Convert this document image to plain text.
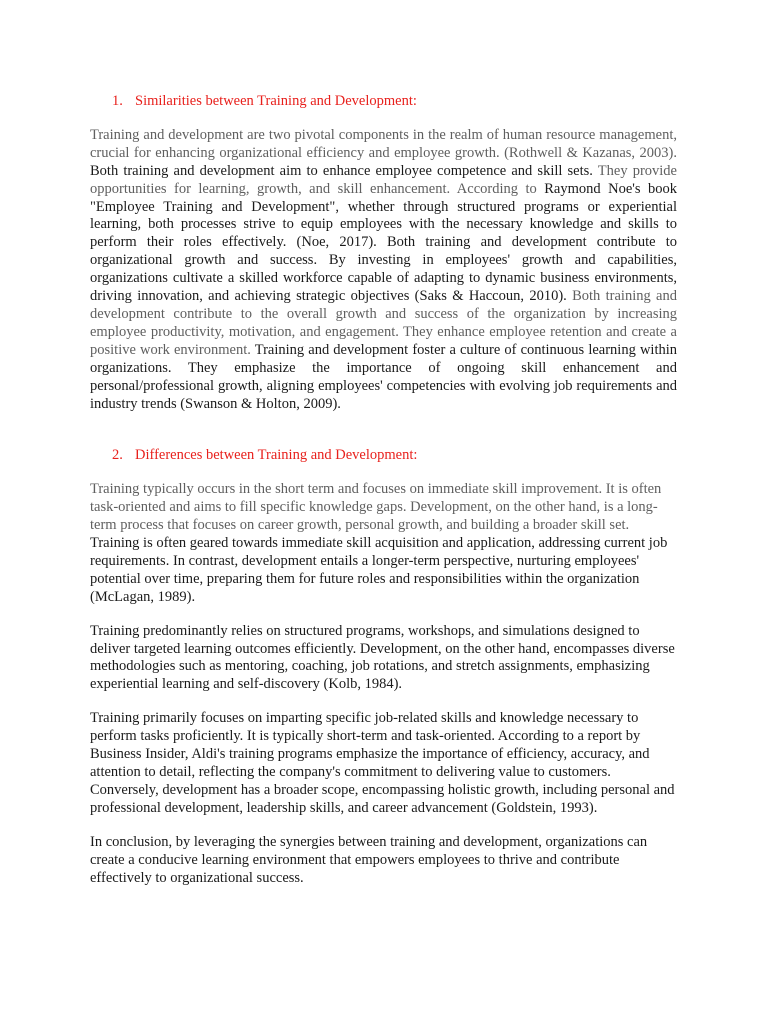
1. Similarities between Training and Development:

Training and development are two pivotal components in the realm of human resource management, crucial for enhancing organizational efficiency and employee growth. (Rothwell & Kazanas, 2003). Both training and development aim to enhance employee competence and skill sets. They provide opportunities for learning, growth, and skill enhancement. According to Raymond Noe's book "Employee Training and Development", whether through structured programs or experiential learning, both processes strive to equip employees with the necessary knowledge and skills to perform their roles effectively. (Noe, 2017). Both training and development contribute to organizational growth and success. By investing in employees' growth and capabilities, organizations cultivate a skilled workforce capable of adapting to dynamic business environments, driving innovation, and achieving strategic objectives (Saks & Haccoun, 2010). Both training and development contribute to the overall growth and success of the organization by increasing employee productivity, motivation, and engagement. They enhance employee retention and create a positive work environment. Training and development foster a culture of continuous learning within organizations. They emphasize the importance of ongoing skill enhancement and personal/professional growth, aligning employees' competencies with evolving job requirements and industry trends (Swanson & Holton, 2009).

2. Differences between Training and Development:

Training typically occurs in the short term and focuses on immediate skill improvement. It is often task-oriented and aims to fill specific knowledge gaps. Development, on the other hand, is a long-term process that focuses on career growth, personal growth, and building a broader skill set. Training is often geared towards immediate skill acquisition and application, addressing current job requirements. In contrast, development entails a longer-term perspective, nurturing employees' potential over time, preparing them for future roles and responsibilities within the organization (McLagan, 1989).

Training predominantly relies on structured programs, workshops, and simulations designed to deliver targeted learning outcomes efficiently. Development, on the other hand, encompasses diverse methodologies such as mentoring, coaching, job rotations, and stretch assignments, emphasizing experiential learning and self-discovery (Kolb, 1984).

Training primarily focuses on imparting specific job-related skills and knowledge necessary to perform tasks proficiently. It is typically short-term and task-oriented. According to a report by Business Insider, Aldi's training programs emphasize the importance of efficiency, accuracy, and attention to detail, reflecting the company's commitment to delivering value to customers. Conversely, development has a broader scope, encompassing holistic growth, including personal and professional development, leadership skills, and career advancement (Goldstein, 1993).

In conclusion, by leveraging the synergies between training and development, organizations can create a conducive learning environment that empowers employees to thrive and contribute effectively to organizational success.
